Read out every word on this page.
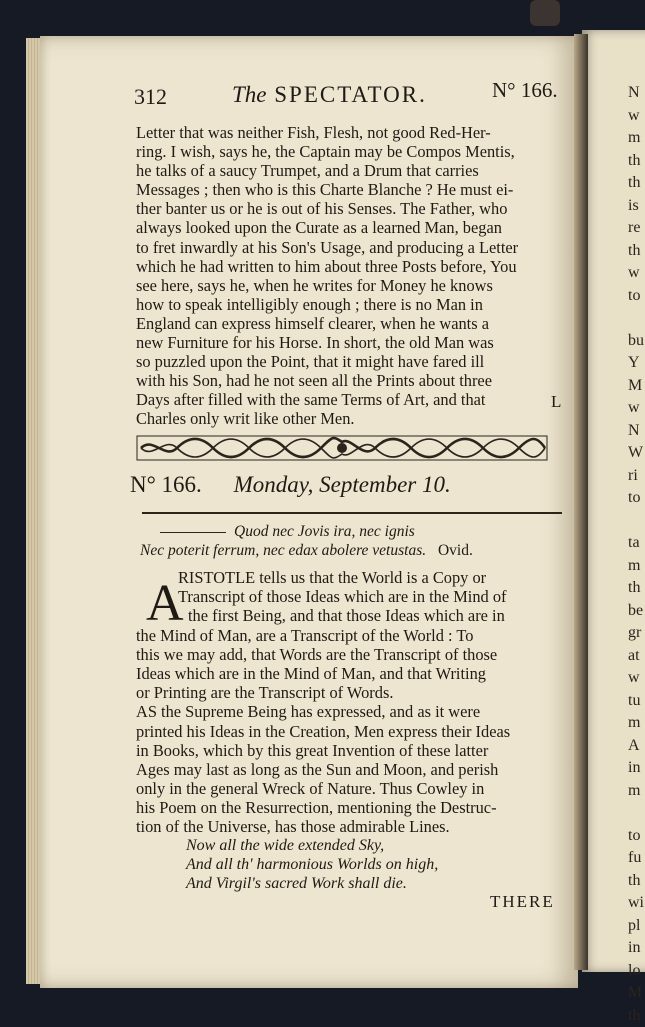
N
w
m
th
th
is
re
th
w
to
bu
Y
M
w
N
W
ri
to
ta
m
th
be
gr
at
w
tu
m
A
in
m
to
fu
th
wi
pl
in
lo
M
th
312	The SPECTATOR.	N° 166.
Letter that was neither Fish, Flesh, not good Red-Her-
ring. I wish, says he, the Captain may be Compos Mentis,
he talks of a saucy Trumpet, and a Drum that carries
Messages ; then who is this Charte Blanche ? He must ei-
ther banter us or he is out of his Senses. The Father, who
always looked upon the Curate as a learned Man, began
to fret inwardly at his Son's Usage, and producing a Letter
which he had written to him about three Posts before, You
see here, says he, when he writes for Money he knows
how to speak intelligibly enough ; there is no Man in
England can express himself clearer, when he wants a
new Furniture for his Horse. In short, the old Man was
so puzzled upon the Point, that it might have fared ill
with his Son, had he not seen all the Prints about three
Days after filled with the same Terms of Art, and that
Charles only writ like other Men.
L
N° 166. Monday, September 10.
Quod nec Jovis ira, nec ignis
Nec poterit ferrum, nec edax abolere vetustas. Ovid.
A
RISTOTLE tells us that the World is a Copy or
Transcript of those Ideas which are in the Mind of
the first Being, and that those Ideas which are in
the Mind of Man, are a Transcript of the World : To
this we may add, that Words are the Transcript of those
Ideas which are in the Mind of Man, and that Writing
or Printing are the Transcript of Words.
AS the Supreme Being has expressed, and as it were
printed his Ideas in the Creation, Men express their Ideas
in Books, which by this great Invention of these latter
Ages may last as long as the Sun and Moon, and perish
only in the general Wreck of Nature. Thus Cowley in
his Poem on the Resurrection, mentioning the Destruc-
tion of the Universe, has those admirable Lines.
Now all the wide extended Sky,
And all th' harmonious Worlds on high,
And Virgil's sacred Work shall die.
THERE
